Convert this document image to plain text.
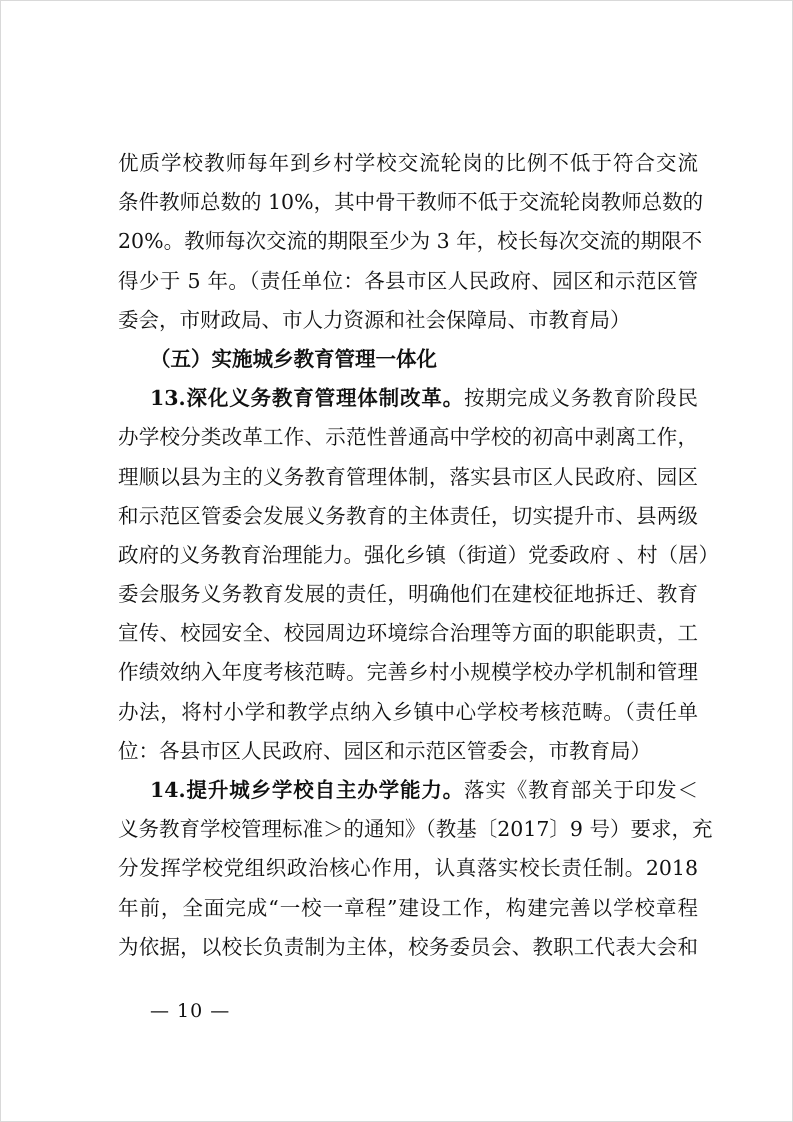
优质学校教师每年到乡村学校交流轮岗的比例不低于符合交流
条件教师总数的 10%，其中骨干教师不低于交流轮岗教师总数的
20%。教师每次交流的期限至少为 3 年，校长每次交流的期限不
得少于 5 年。（责任单位：各县市区人民政府、园区和示范区管
委会，市财政局、市人力资源和社会保障局、市教育局）
（五）实施城乡教育管理一体化
13.深化义务教育管理体制改革。按期完成义务教育阶段民
办学校分类改革工作、示范性普通高中学校的初高中剥离工作，
理顺以县为主的义务教育管理体制，落实县市区人民政府、园区
和示范区管委会发展义务教育的主体责任，切实提升市、县两级
政府的义务教育治理能力。强化乡镇（街道）党委政府 、村（居）
委会服务义务教育发展的责任，明确他们在建校征地拆迁、教育
宣传、校园安全、校园周边环境综合治理等方面的职能职责，工
作绩效纳入年度考核范畴。完善乡村小规模学校办学机制和管理
办法，将村小学和教学点纳入乡镇中心学校考核范畴。（责任单
位：各县市区人民政府、园区和示范区管委会，市教育局）
14.提升城乡学校自主办学能力。落实《教育部关于印发＜
义务教育学校管理标准＞的通知》（教基〔2017〕9 号）要求，充
分发挥学校党组织政治核心作用，认真落实校长责任制。2018
年前，全面完成“一校一章程”建设工作，构建完善以学校章程
为依据，以校长负责制为主体，校务委员会、教职工代表大会和
— 10 —
